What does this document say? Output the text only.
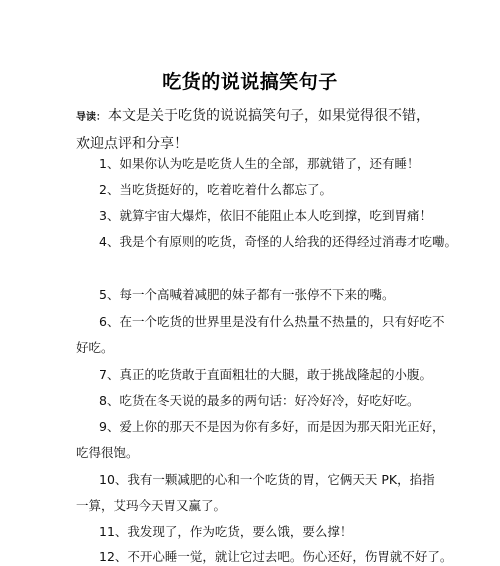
吃货的说说搞笑句子
导读： 本文是关于吃货的说说搞笑句子，如果觉得很不错，
欢迎点评和分享！
1、如果你认为吃是吃货人生的全部，那就错了，还有睡！
2、当吃货挺好的，吃着吃着什么都忘了。
3、就算宇宙大爆炸，依旧不能阻止本人吃到撑，吃到胃痛！
4、我是个有原则的吃货，奇怪的人给我的还得经过消毒才吃嘞。
5、每一个高喊着减肥的妹子都有一张停不下来的嘴。
6、在一个吃货的世界里是没有什么热量不热量的，只有好吃不
好吃。
7、真正的吃货敢于直面粗壮的大腿，敢于挑战隆起的小腹。
8、吃货在冬天说的最多的两句话：好冷好冷，好吃好吃。
9、爱上你的那天不是因为你有多好，而是因为那天阳光正好，
吃得很饱。
10、我有一颗减肥的心和一个吃货的胃，它俩天天 PK，掐指
一算，艾玛今天胃又赢了。
11、我发现了，作为吃货，要么饿，要么撑！
12、不开心睡一觉，就让它过去吧。伤心还好，伤胃就不好了。
